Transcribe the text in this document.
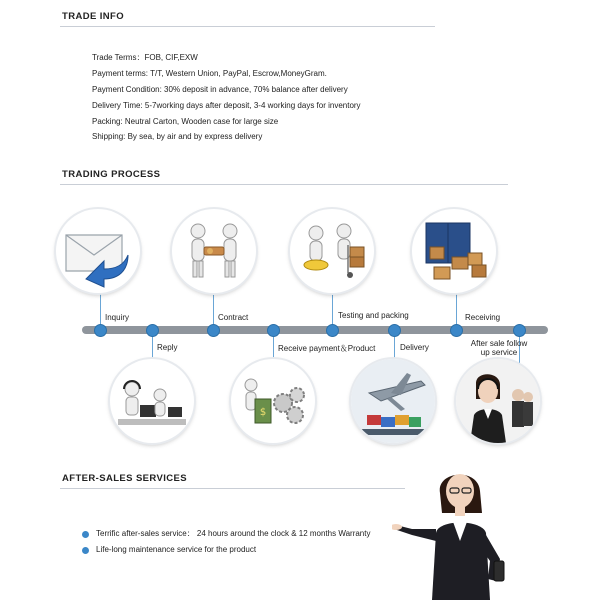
TRADE INFO
Trade Terms：FOB, CIF,EXW
Payment terms: T/T, Western Union, PayPal, Escrow,MoneyGram.
Payment Condition: 30% deposit in advance, 70% balance after delivery
Delivery Time: 5-7working days after deposit, 3-4 working days for inventory
Packing: Neutral Carton, Wooden case for large size
Shipping: By sea, by air and by express delivery
TRADING PROCESS
Inquiry
Reply
Contract
Receive payment＆Product
Testing and packing
Delivery
Receiving
After sale follow
up service
$
AFTER-SALES SERVICES
Terrific after-sales service： 24 hours around the clock & 12 months Warranty
Life-long maintenance service for the product
